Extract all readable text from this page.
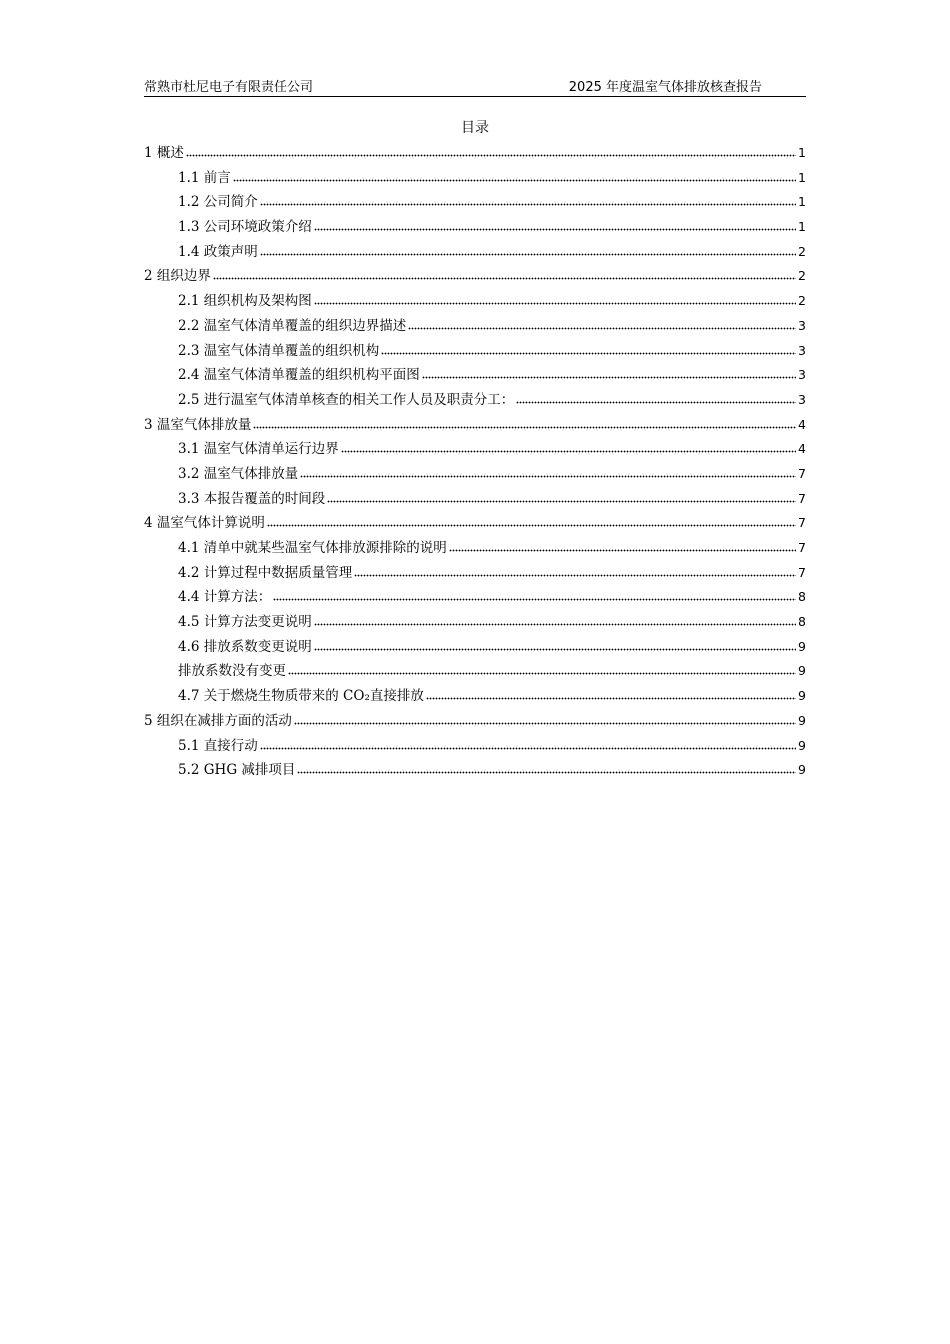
常熟市杜尼电子有限责任公司	2025 年度温室气体排放核查报告
目录
1 概述	1
1.1 前言	1
1.2 公司简介	1
1.3 公司环境政策介绍	1
1.4 政策声明	2
2 组织边界	2
2.1 组织机构及架构图	2
2.2 温室气体清单覆盖的组织边界描述	3
2.3 温室气体清单覆盖的组织机构	3
2.4 温室气体清单覆盖的组织机构平面图	3
2.5 进行温室气体清单核查的相关工作人员及职责分工：	3
3 温室气体排放量	4
3.1 温室气体清单运行边界	4
3.2 温室气体排放量	7
3.3 本报告覆盖的时间段	7
4 温室气体计算说明	7
4.1 清单中就某些温室气体排放源排除的说明	7
4.2 计算过程中数据质量管理	7
4.4 计算方法：	8
4.5 计算方法变更说明	8
4.6 排放系数变更说明	9
排放系数没有变更	9
4.7 关于燃烧生物质带来的 CO₂直接排放	9
5 组织在减排方面的活动	9
5.1 直接行动	9
5.2 GHG 减排项目	9
